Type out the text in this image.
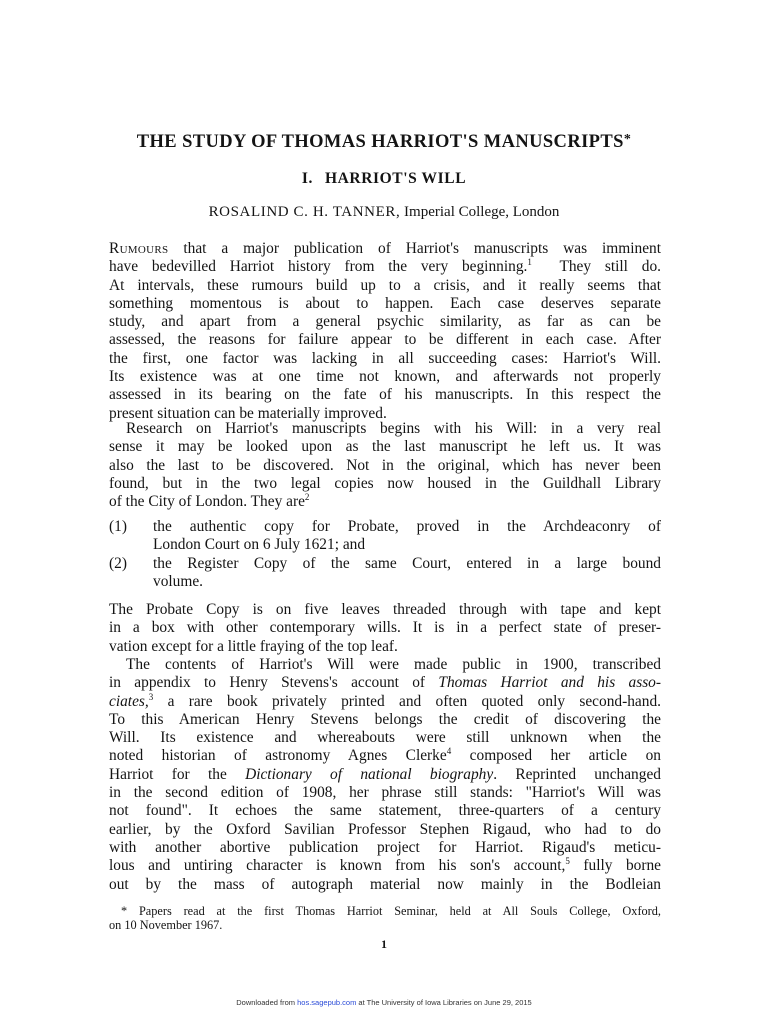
THE STUDY OF THOMAS HARRIOT'S MANUSCRIPTS*
I. HARRIOT'S WILL
ROSALIND C. H. TANNER, Imperial College, London
Rumours that a major publication of Harriot's manuscripts was imminent
have bedevilled Harriot history from the very beginning.$^1$ They still do.
At intervals, these rumours build up to a crisis, and it really seems that
something momentous is about to happen. Each case deserves separate
study, and apart from a general psychic similarity, as far as can be
assessed, the reasons for failure appear to be different in each case. After
the first, one factor was lacking in all succeeding cases: Harriot's Will.
Its existence was at one time not known, and afterwards not properly
assessed in its bearing on the fate of his manuscripts. In this respect the
present situation can be materially improved.
Research on Harriot's manuscripts begins with his Will: in a very real
sense it may be looked upon as the last manuscript he left us. It was
also the last to be discovered. Not in the original, which has never been
found, but in the two legal copies now housed in the Guildhall Library
of the City of London. They are$^2$
(1)	the authentic copy for Probate, proved in the Archdeaconry of
London Court on 6 July 1621; and
(2)	the Register Copy of the same Court, entered in a large bound
volume.
The Probate Copy is on five leaves threaded through with tape and kept
in a box with other contemporary wills. It is in a perfect state of preser-
vation except for a little fraying of the top leaf.
The contents of Harriot's Will were made public in 1900, transcribed
in appendix to Henry Stevens's account of Thomas Harriot and his asso-
ciates,$^3$ a rare book privately printed and often quoted only second-hand.
To this American Henry Stevens belongs the credit of discovering the
Will. Its existence and whereabouts were still unknown when the
noted historian of astronomy Agnes Clerke$^4$ composed her article on
Harriot for the Dictionary of national biography. Reprinted unchanged
in the second edition of 1908, her phrase still stands: "Harriot's Will was
not found". It echoes the same statement, three-quarters of a century
earlier, by the Oxford Savilian Professor Stephen Rigaud, who had to do
with another abortive publication project for Harriot. Rigaud's meticu-
lous and untiring character is known from his son's account,$^5$ fully borne
out by the mass of autograph material now mainly in the Bodleian
* Papers read at the first Thomas Harriot Seminar, held at All Souls College, Oxford,
on 10 November 1967.
1
Downloaded from hos.sagepub.com at The University of Iowa Libraries on June 29, 2015
